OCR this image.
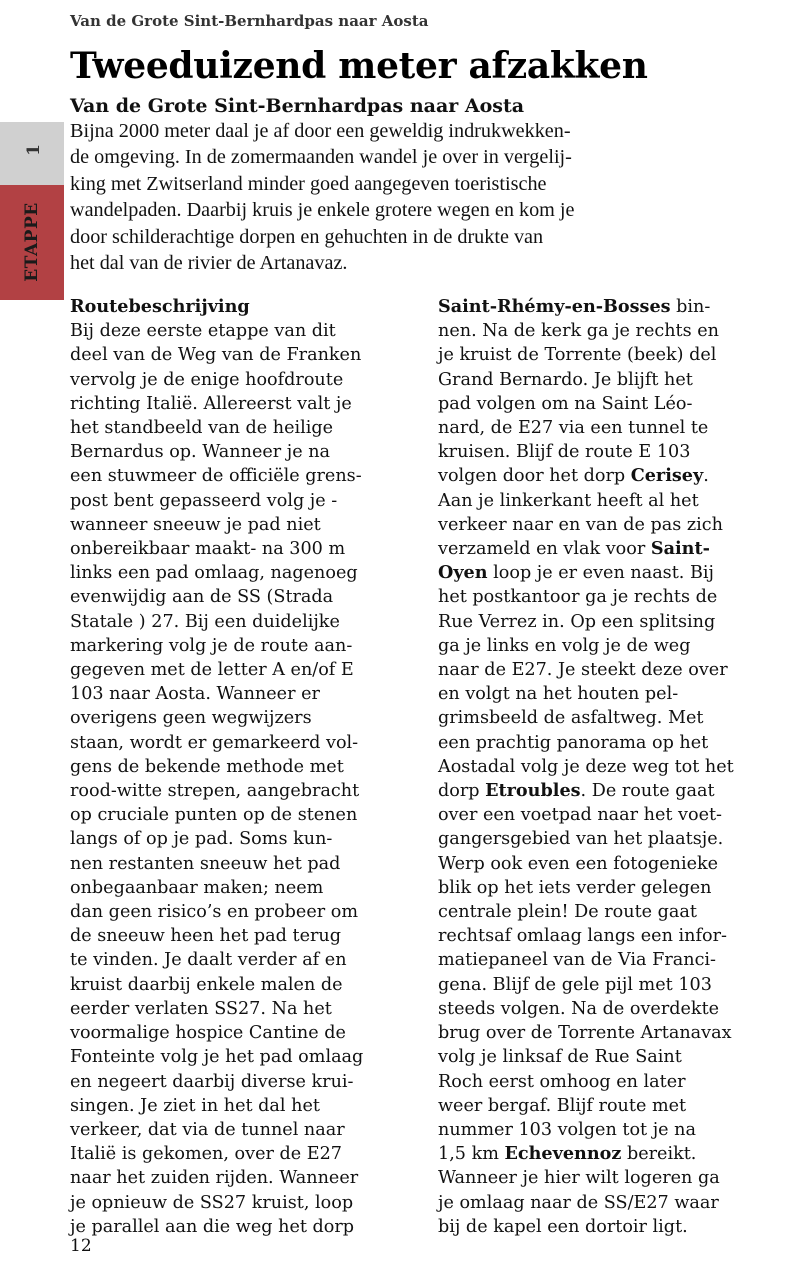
Van de Grote Sint-Bernhardpas naar Aosta
Tweeduizend meter afzakken
Van de Grote Sint-Bernhardpas naar Aosta
1
ETAPPE
Bijna 2000 meter daal je af door een geweldig indrukwekken-
de omgeving. In de zomermaanden wandel je over in vergelij-
king met Zwitserland minder goed aangegeven toeristische
wandelpaden. Daarbij kruis je enkele grotere wegen en kom je
door schilderachtige dorpen en gehuchten in de drukte van
het dal van de rivier de Artanavaz.
Routebeschrijving
Bij deze eerste etappe van dit
deel van de Weg van de Franken
vervolg je de enige hoofdroute
richting Italië. Allereerst valt je
het standbeeld van de heilige
Bernardus op. Wanneer je na
een stuwmeer de officiële grens-
post bent gepasseerd volg je -
wanneer sneeuw je pad niet
onbereikbaar maakt- na 300 m
links een pad omlaag, nagenoeg
evenwijdig aan de SS (Strada
Statale ) 27. Bij een duidelijke
markering volg je de route aan-
gegeven met de letter A en/of E
103 naar Aosta. Wanneer er
overigens geen wegwijzers
staan, wordt er gemarkeerd vol-
gens de bekende methode met
rood-witte strepen, aangebracht
op cruciale punten op de stenen
langs of op je pad. Soms kun-
nen restanten sneeuw het pad
onbegaanbaar maken; neem
dan geen risico’s en probeer om
de sneeuw heen het pad terug
te vinden. Je daalt verder af en
kruist daarbij enkele malen de
eerder verlaten SS27. Na het
voormalige hospice Cantine de
Fonteinte volg je het pad omlaag
en negeert daarbij diverse krui-
singen. Je ziet in het dal het
verkeer, dat via de tunnel naar
Italië is gekomen, over de E27
naar het zuiden rijden. Wanneer
je opnieuw de SS27 kruist, loop
je parallel aan die weg het dorp
Saint-Rhémy-en-Bosses bin-
nen. Na de kerk ga je rechts en
je kruist de Torrente (beek) del
Grand Bernardo. Je blijft het
pad volgen om na Saint Léo-
nard, de E27 via een tunnel te
kruisen. Blijf de route E 103
volgen door het dorp Cerisey.
Aan je linkerkant heeft al het
verkeer naar en van de pas zich
verzameld en vlak voor Saint-
Oyen loop je er even naast. Bij
het postkantoor ga je rechts de
Rue Verrez in. Op een splitsing
ga je links en volg je de weg
naar de E27. Je steekt deze over
en volgt na het houten pel-
grimsbeeld de asfaltweg. Met
een prachtig panorama op het
Aostadal volg je deze weg tot het
dorp Etroubles. De route gaat
over een voetpad naar het voet-
gangersgebied van het plaatsje.
Werp ook even een fotogenieke
blik op het iets verder gelegen
centrale plein! De route gaat
rechtsaf omlaag langs een infor-
matiepaneel van de Via Franci-
gena. Blijf de gele pijl met 103
steeds volgen. Na de overdekte
brug over de Torrente Artanavax
volg je linksaf de Rue Saint
Roch eerst omhoog en later
weer bergaf. Blijf route met
nummer 103 volgen tot je na
1,5 km Echevennoz bereikt.
Wanneer je hier wilt logeren ga
je omlaag naar de SS/E27 waar
bij de kapel een dortoir ligt.
12
